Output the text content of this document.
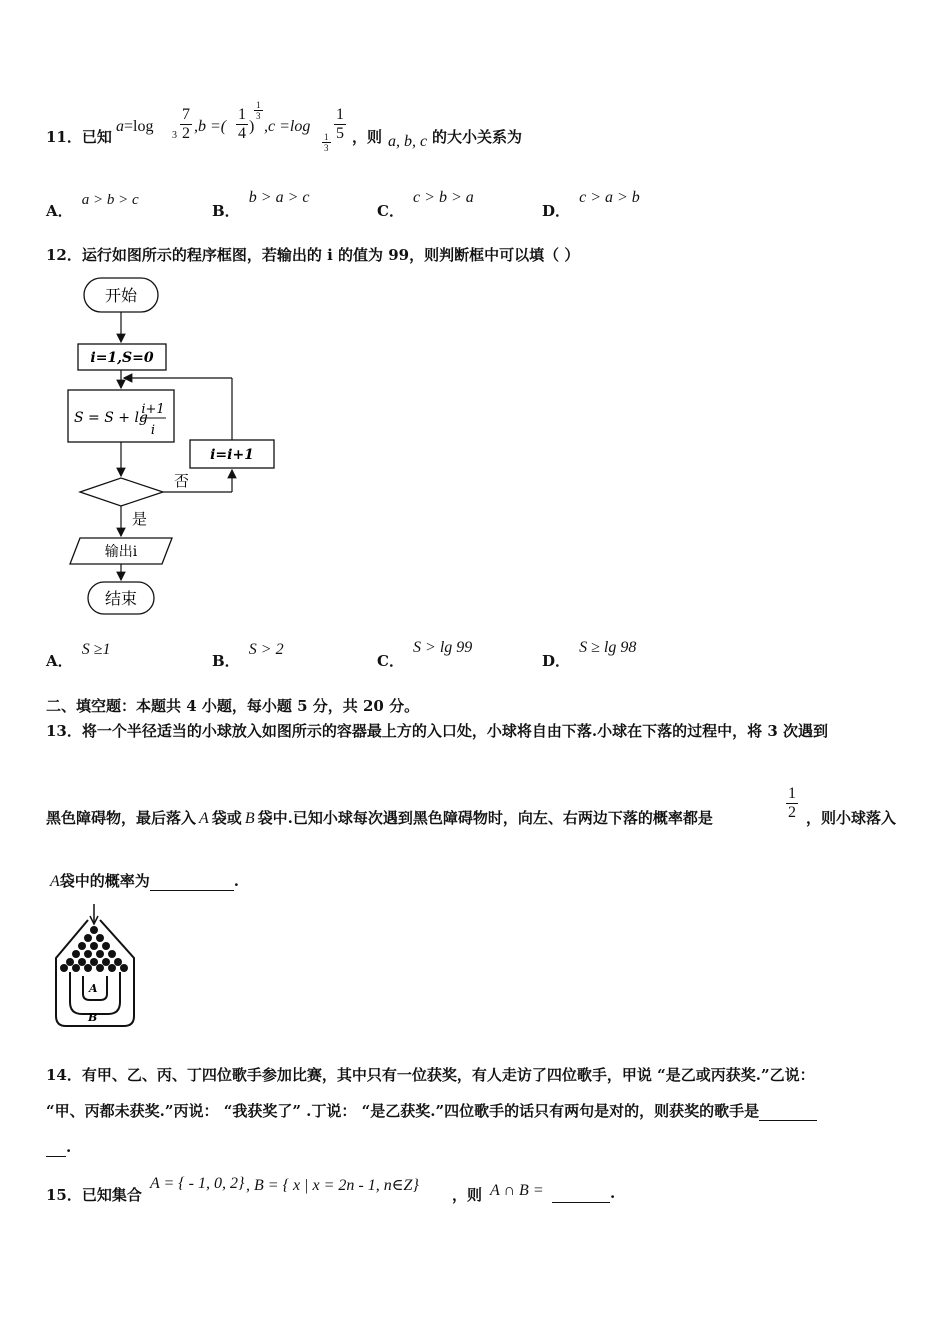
11．已知
a =log
$3 \frac{7}{2} ,b$ =( $\frac{1}{4}$ )
$\frac{1}{3}$
,c =log
$\frac{1}{3} \frac{1}{5}$ ，则 a, b, c 的大小关系为
A． a > b > c
B． b > a > c
C． c > b > a
D． c > a > b
12．运行如图所示的程序框图，若输出的 i 的值为 99，则判断框中可以填（ ）
开始
i=1,S=0
S = S + lg
i+1
i
否
i=i+1
是
输出i
结束
A． S ≥1
B． S > 2
C． S > lg 99
D． S ≥ lg 98
二、填空题：本题共 4 小题，每小题 5 分，共 20 分。
13．将一个半径适当的小球放入如图所示的容器最上方的入口处，小球将自由下落.小球在下落的过程中，将 3 次遇到
黑色障碍物，最后落入 A 袋或 B 袋中.已知小球每次遇到黑色障碍物时，向左、右两边下落的概率都是	$\frac{1}{2}$ ，则小球落入
A袋中的概率为	.
A
B
14．有甲、乙、丙、丁四位歌手参加比赛，其中只有一位获奖，有人走访了四位歌手，甲说 “是乙或丙获奖.”乙说：
“甲、丙都未获奖.”丙说： “我获奖了” .丁说： “是乙获奖.”四位歌手的话只有两句是对的，则获奖的歌手是
.
15．已知集合
A = { - 1, 0, 2} , B = { x | x = 2n - 1, n∈Z}
，则 A ∩ B =	.
